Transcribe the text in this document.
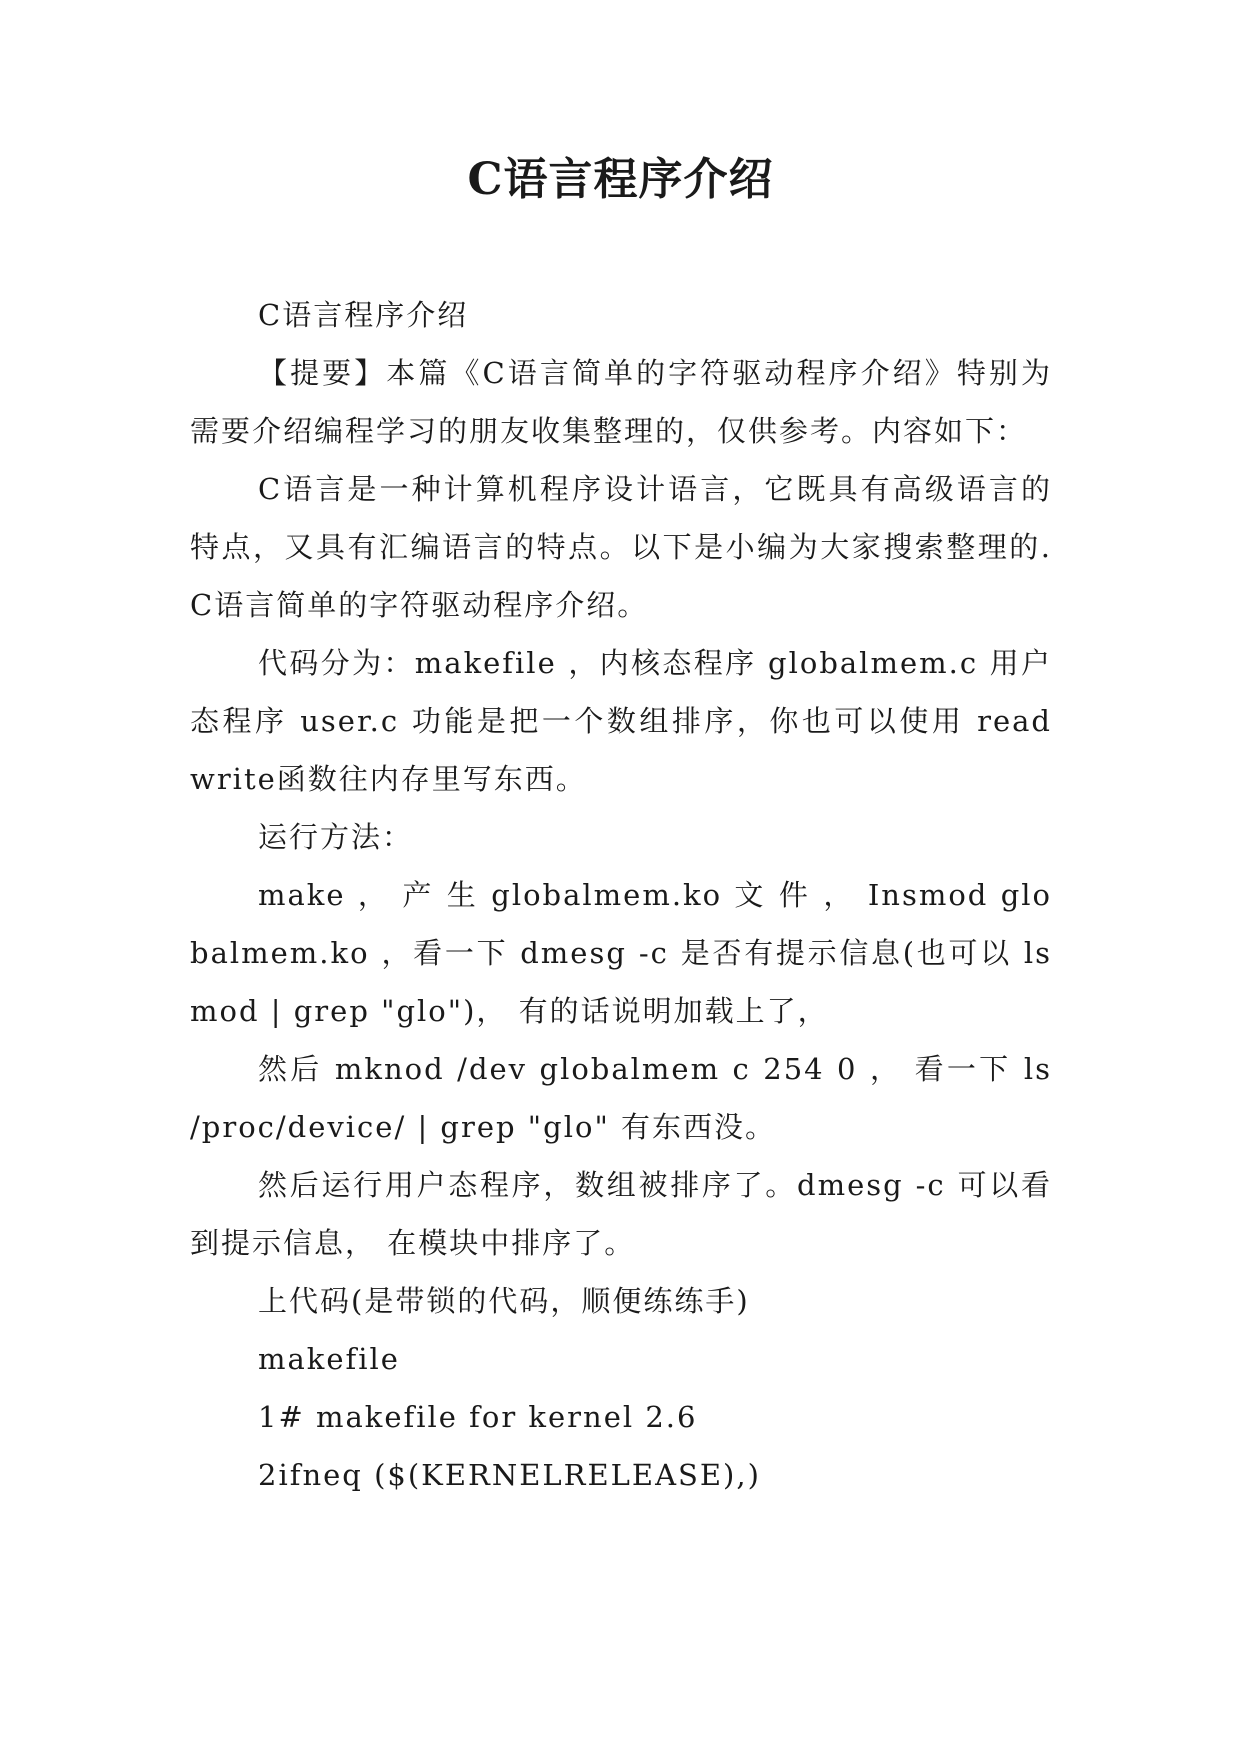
C语言程序介绍

C语言程序介绍

【提要】本篇《C语言简单的字符驱动程序介绍》特别为需要介绍编程学习的朋友收集整理的，仅供参考。内容如下：

C语言是一种计算机程序设计语言，它既具有高级语言的特点，又具有汇编语言的特点。以下是小编为大家搜索整理的.C语言简单的字符驱动程序介绍。

代码分为：makefile ，内核态程序 globalmem.c 用户态程序 user.c 功能是把一个数组排序，你也可以使用 read write函数往内存里写东西。

运行方法：

make ， 产 生 globalmem.ko 文 件 ， Insmod globalmem.ko ，看一下 dmesg -c 是否有提示信息(也可以 lsmod | grep "glo")， 有的话说明加载上了，

然后 mknod /dev globalmem c 254 0 ， 看一下 ls /proc/device/ | grep "glo" 有东西没。

然后运行用户态程序，数组被排序了。dmesg -c 可以看到提示信息， 在模块中排序了。

上代码(是带锁的代码，顺便练练手)

makefile

1# makefile for kernel 2.6

2ifneq ($(KERNELRELEASE),)
